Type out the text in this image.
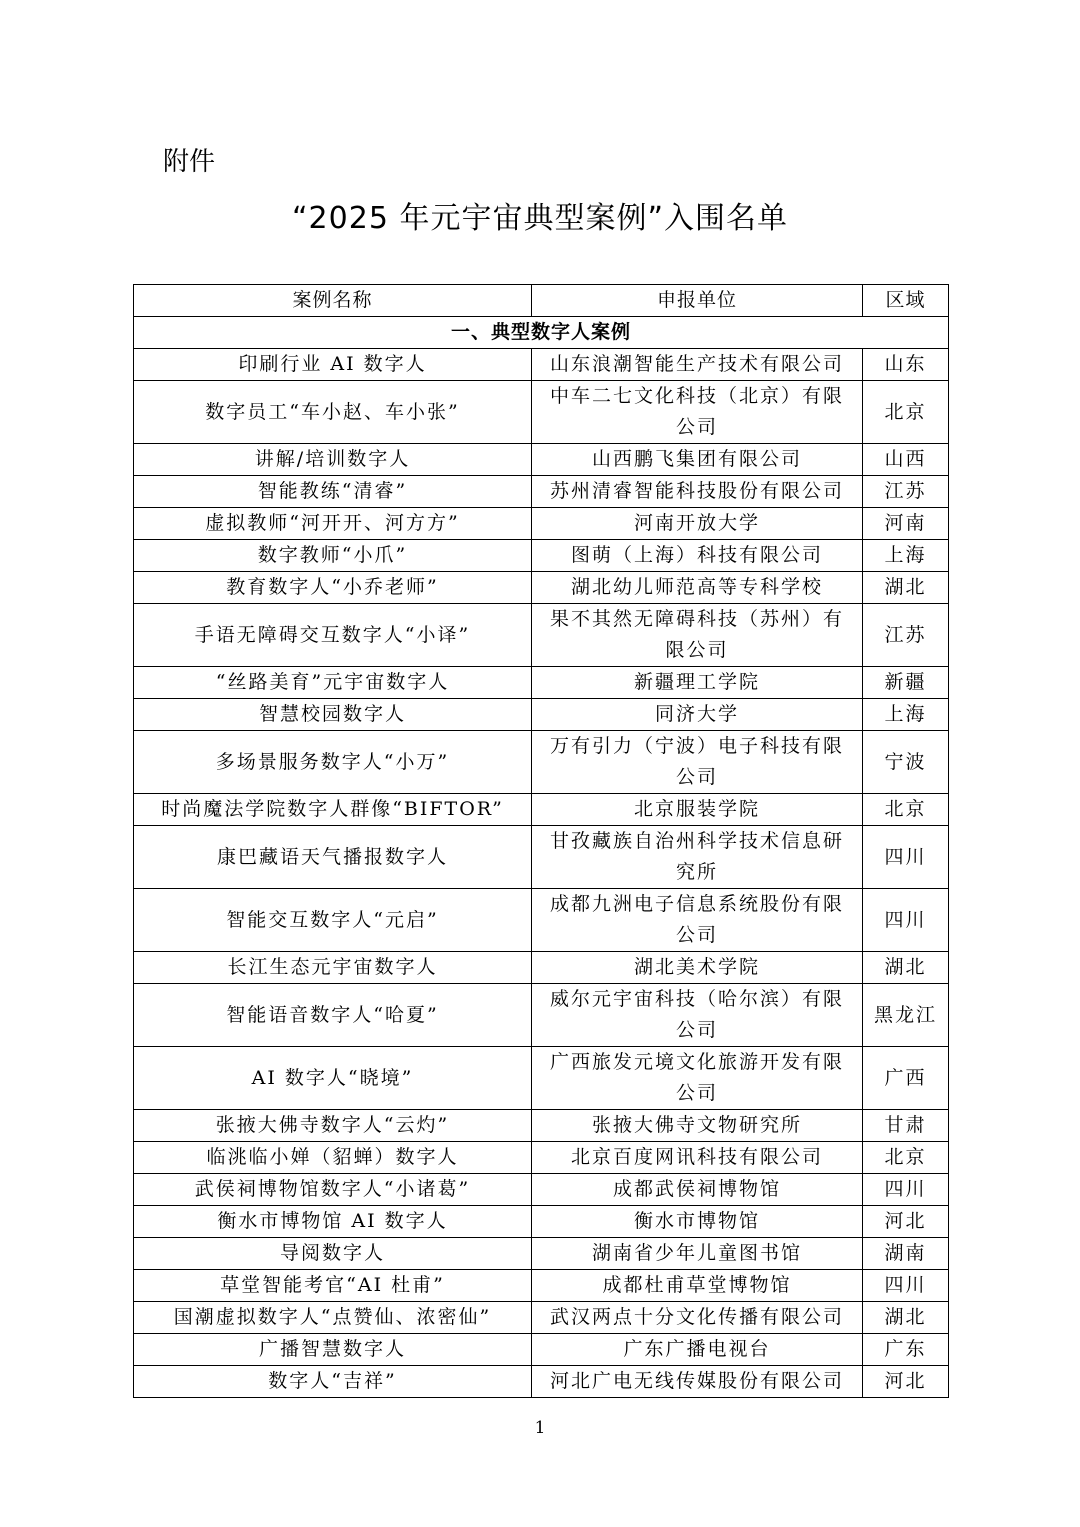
附件
“2025 年元宇宙典型案例”入围名单
案例名称	申报单位	区域
一、典型数字人案例		
印刷行业 AI 数字人	山东浪潮智能生产技术有限公司	山东
数字员工“车小赵、车小张”	中车二七文化科技（北京）有限公司	北京
讲解/培训数字人	山西鹏飞集团有限公司	山西
智能教练“清睿”	苏州清睿智能科技股份有限公司	江苏
虚拟教师“河开开、河方方”	河南开放大学	河南
数字教师“小爪”	图萌（上海）科技有限公司	上海
教育数字人“小乔老师”	湖北幼儿师范高等专科学校	湖北
手语无障碍交互数字人“小译”	果不其然无障碍科技（苏州）有限公司	江苏
“丝路美育”元宇宙数字人	新疆理工学院	新疆
智慧校园数字人	同济大学	上海
多场景服务数字人“小万”	万有引力（宁波）电子科技有限公司	宁波
时尚魔法学院数字人群像“BIFTOR”	北京服装学院	北京
康巴藏语天气播报数字人	甘孜藏族自治州科学技术信息研究所	四川
智能交互数字人“元启”	成都九洲电子信息系统股份有限公司	四川
长江生态元宇宙数字人	湖北美术学院	湖北
智能语音数字人“哈夏”	威尔元宇宙科技（哈尔滨）有限公司	黑龙江
AI 数字人“晓境”	广西旅发元境文化旅游开发有限公司	广西
张掖大佛寺数字人“云灼”	张掖大佛寺文物研究所	甘肃
临洮临小婵（貂蝉）数字人	北京百度网讯科技有限公司	北京
武侯祠博物馆数字人“小诸葛”	成都武侯祠博物馆	四川
衡水市博物馆 AI 数字人	衡水市博物馆	河北
导阅数字人	湖南省少年儿童图书馆	湖南
草堂智能考官“AI 杜甫”	成都杜甫草堂博物馆	四川
国潮虚拟数字人“点赞仙、浓密仙”	武汉两点十分文化传播有限公司	湖北
广播智慧数字人	广东广播电视台	广东
数字人“吉祥”	河北广电无线传媒股份有限公司	河北
1
